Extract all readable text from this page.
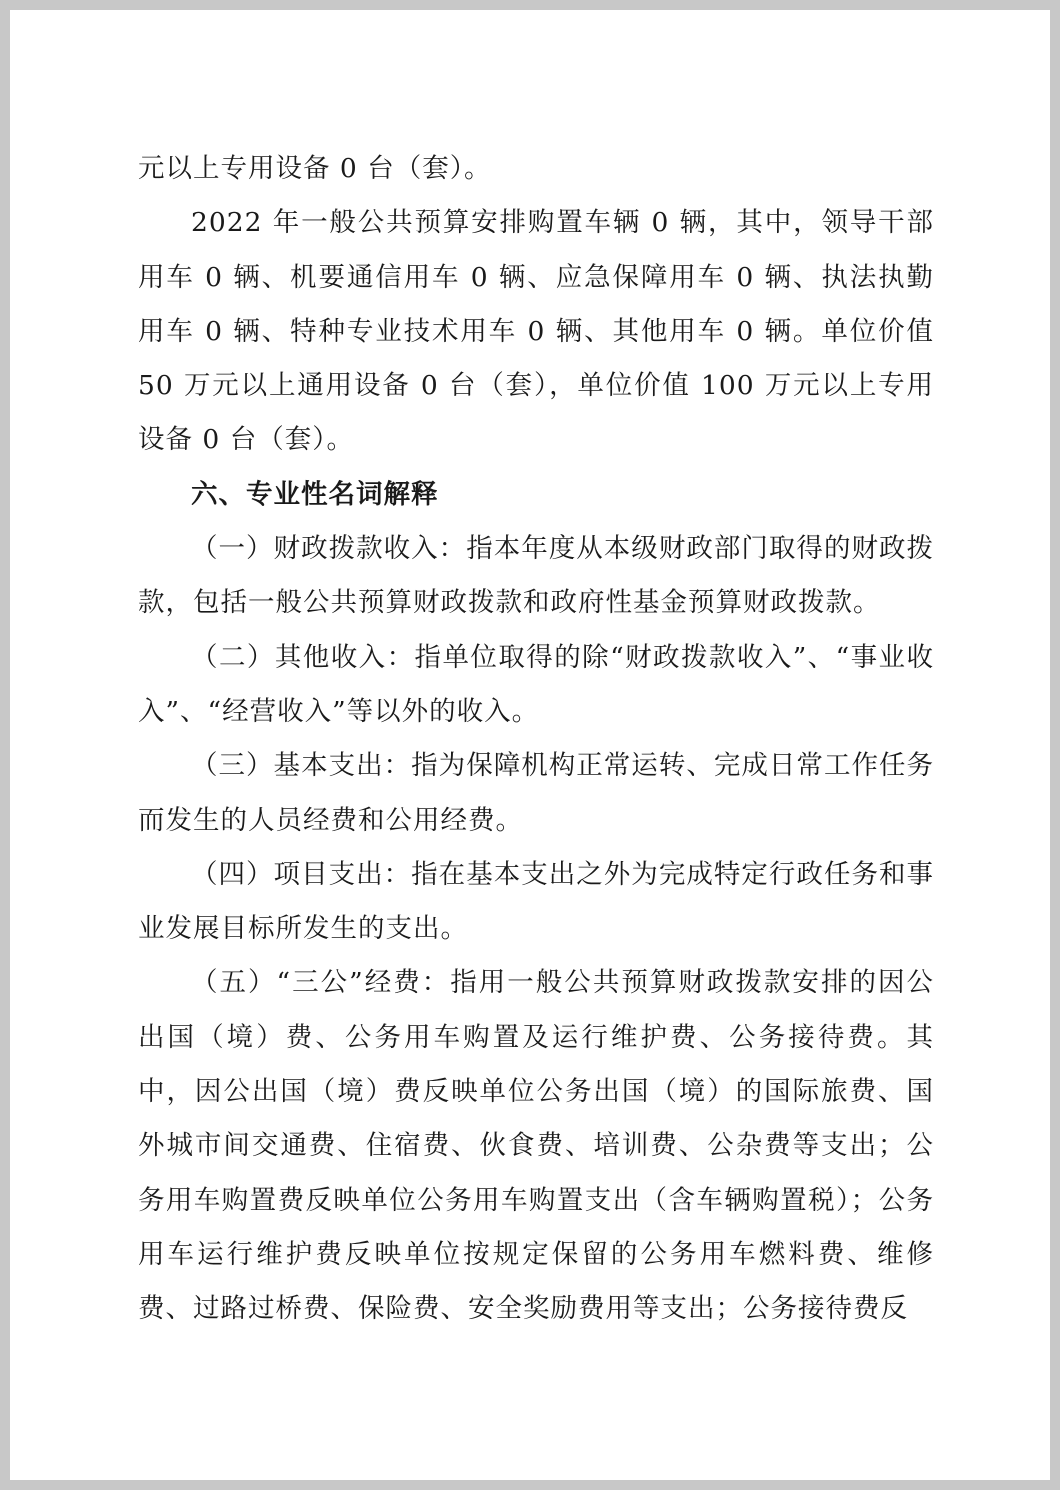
元以上专用设备 0 台（套）。

2022 年一般公共预算安排购置车辆 0 辆，其中，领导干部用车 0 辆、机要通信用车 0 辆、应急保障用车 0 辆、执法执勤用车 0 辆、特种专业技术用车 0 辆、其他用车 0 辆。单位价值 50 万元以上通用设备 0 台（套），单位价值 100 万元以上专用设备 0 台（套）。

六、专业性名词解释

（一）财政拨款收入：指本年度从本级财政部门取得的财政拨款，包括一般公共预算财政拨款和政府性基金预算财政拨款。

（二）其他收入：指单位取得的除“财政拨款收入”、“事业收入”、“经营收入”等以外的收入。

（三）基本支出：指为保障机构正常运转、完成日常工作任务而发生的人员经费和公用经费。

（四）项目支出：指在基本支出之外为完成特定行政任务和事业发展目标所发生的支出。

（五）“三公”经费：指用一般公共预算财政拨款安排的因公出国（境）费、公务用车购置及运行维护费、公务接待费。其中，因公出国（境）费反映单位公务出国（境）的国际旅费、国外城市间交通费、住宿费、伙食费、培训费、公杂费等支出；公务用车购置费反映单位公务用车购置支出（含车辆购置税）；公务用车运行维护费反映单位按规定保留的公务用车燃料费、维修费、过路过桥费、保险费、安全奖励费用等支出；公务接待费反
